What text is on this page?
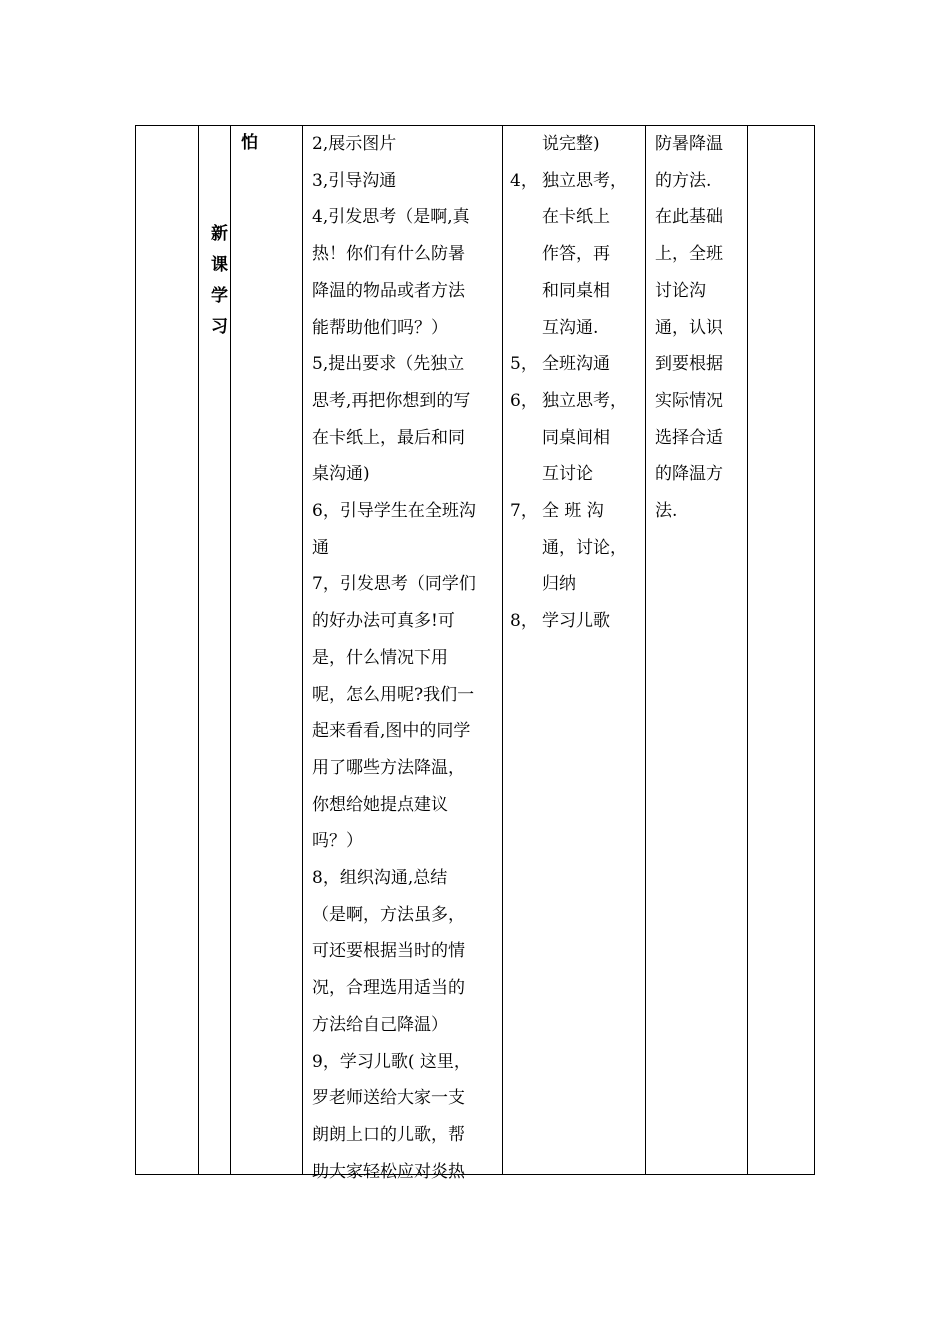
新课学习
怕	2,展示图片
3,引导沟通
4,引发思考（是啊,真
热！你们有什么防暑
降温的物品或者方法
能帮助他们吗？）
5,提出要求（先独立
思考,再把你想到的写
在卡纸上，最后和同
桌沟通)
6，引导学生在全班沟
通
7，引发思考（同学们
的好办法可真多!可
是，什么情况下用
呢，怎么用呢?我们一
起来看看,图中的同学
用了哪些方法降温，
你想给她提点建议
吗？）
8，组织沟通,总结
（是啊，方法虽多，
可还要根据当时的情
况，合理选用适当的
方法给自己降温）
9，学习儿歌( 这里，
罗老师送给大家一支
朗朗上口的儿歌，帮
助大家轻松应对炎热
说完整)
4， 独立思考，
在卡纸上
作答，再
和同桌相
互沟通.
5， 全班沟通
6， 独立思考，
同桌间相
互讨论
7， 全 班 沟
通，讨论，
归纳
8， 学习儿歌
防暑降温
的方法.
在此基础
上，全班
讨论沟
通，认识
到要根据
实际情况
选择合适
的降温方
法.
